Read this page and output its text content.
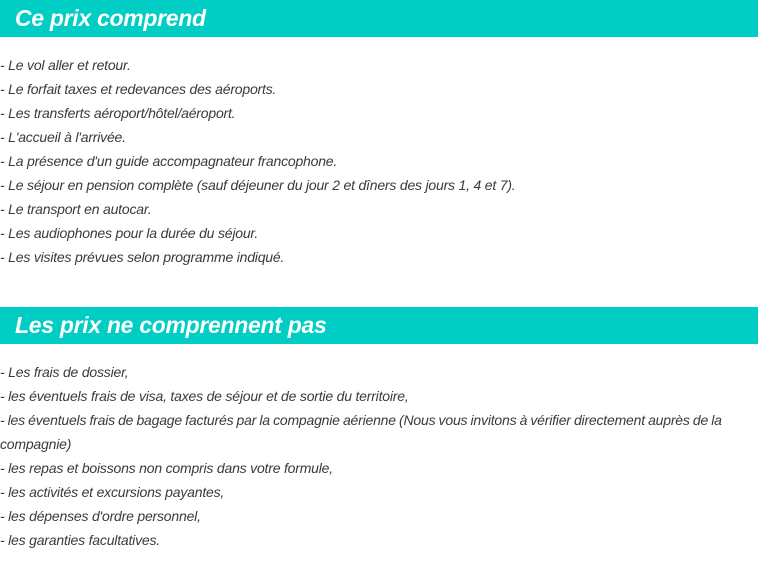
Ce prix comprend
- Le vol aller et retour.
- Le forfait taxes et redevances des aéroports.
- Les transferts aéroport/hôtel/aéroport.
- L'accueil à l'arrivée.
- La présence d'un guide accompagnateur francophone.
- Le séjour en pension complète (sauf déjeuner du jour 2 et dîners des jours 1, 4 et 7).
- Le transport en autocar.
- Les audiophones pour la durée du séjour.
- Les visites prévues selon programme indiqué.
Les prix ne comprennent pas
- Les frais de dossier,
- les éventuels frais de visa, taxes de séjour et de sortie du territoire,
- les éventuels frais de bagage facturés par la compagnie aérienne (Nous vous invitons à vérifier directement auprès de la compagnie)
- les repas et boissons non compris dans votre formule,
- les activités et excursions payantes,
- les dépenses d'ordre personnel,
- les garanties facultatives.
